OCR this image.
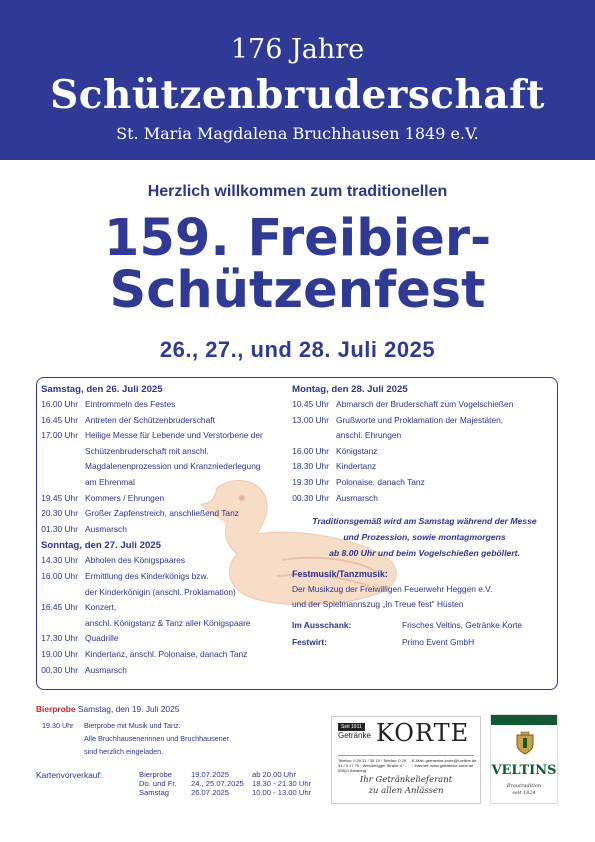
176 Jahre
Schützenbruderschaft
St. Maria Magdalena Bruchhausen 1849 e.V.
Herzlich willkommen zum traditionellen
159. Freibier-
Schützenfest
26., 27., und 28. Juli 2025
Samstag, den 26. Juli 2025
16.00 Uhr Eintrommeln des Festes
16.45 Uhr Antreten der Schützenbruderschaft
17.00 Uhr Heilige Messe für Lebende und Verstorbene der
Schützenbruderschaft mit anschl.
Magdalenenprozession und Kranzniederlegung
am Ehrenmal
19.45 Uhr Kommers / Ehrungen
20.30 Uhr Großer Zapfenstreich, anschließend Tanz
01.30 Uhr Ausmarsch
Sonntag, den 27. Juli 2025
14.30 Uhr Abholen des Königspaares
16.00 Uhr Ermittlung des Kinderkönigs bzw.
der Kinderkönigin (anschl. Proklamation)
16.45 Uhr Konzert,
anschl. Königstanz & Tanz aller Königspaare
17.30 Uhr Quadrille
19.00 Uhr Kindertanz, anschl. Polonaise, danach Tanz
00.30 Uhr Ausmarsch
Montag, den 28. Juli 2025
10.45 Uhr Abmarsch der Bruderschaft zum Vogelschießen
13.00 Uhr Grußworte und Proklamation der Majestäten,
anschl. Ehrungen
16.00 Uhr Königstanz
18.30 Uhr Kindertanz
19.30 Uhr Polonaise, danach Tanz
00.30 Uhr Ausmarsch
Traditionsgemäß wird am Samstag während der Messe
und Prozession, sowie montagmorgens
ab 8.00 Uhr und beim Vogelschießen geböllert.
Festmusik/Tanzmusik:
Der Musikzug der Freiwilligen Feuerwehr Heggen e.V.
und der Spielmannszug „In Treue fest" Hüsten
Im Ausschank:	Frisches Veltins, Getränke Korte
Festwirt:	Primo Event GmbH
Bierprobe Samstag, den 19. Juli 2025
19.30 Uhr	Bierprobe mit Musik und Tanz.
Alle Bruchhausenerinnen und Bruchhausener
sind herzlich eingeladen.
Kartenvorverkauf:	Bierprobe	19.07.2025	ab 20.00 Uhr
Do. und Fr.	24., 25.07.2025	18.30 - 21.30 Uhr
Samstag	26.07.2025	10.00 - 13.00 Uhr
Seit 1911
Getränke KORTE
Telefon: 0 29 31 / 35 13 · Telefax: 0 29 31 / 3 17 75 · Weinbrügger Straße 4 · 59821 Arnsberg
E-Mail: getraenke-korte@t-online.de · Internet: www.getraenke-korte.de
Ihr Getränkelieferant
zu allen Anlässen
VELTINS
Brautradition
seit 1824
